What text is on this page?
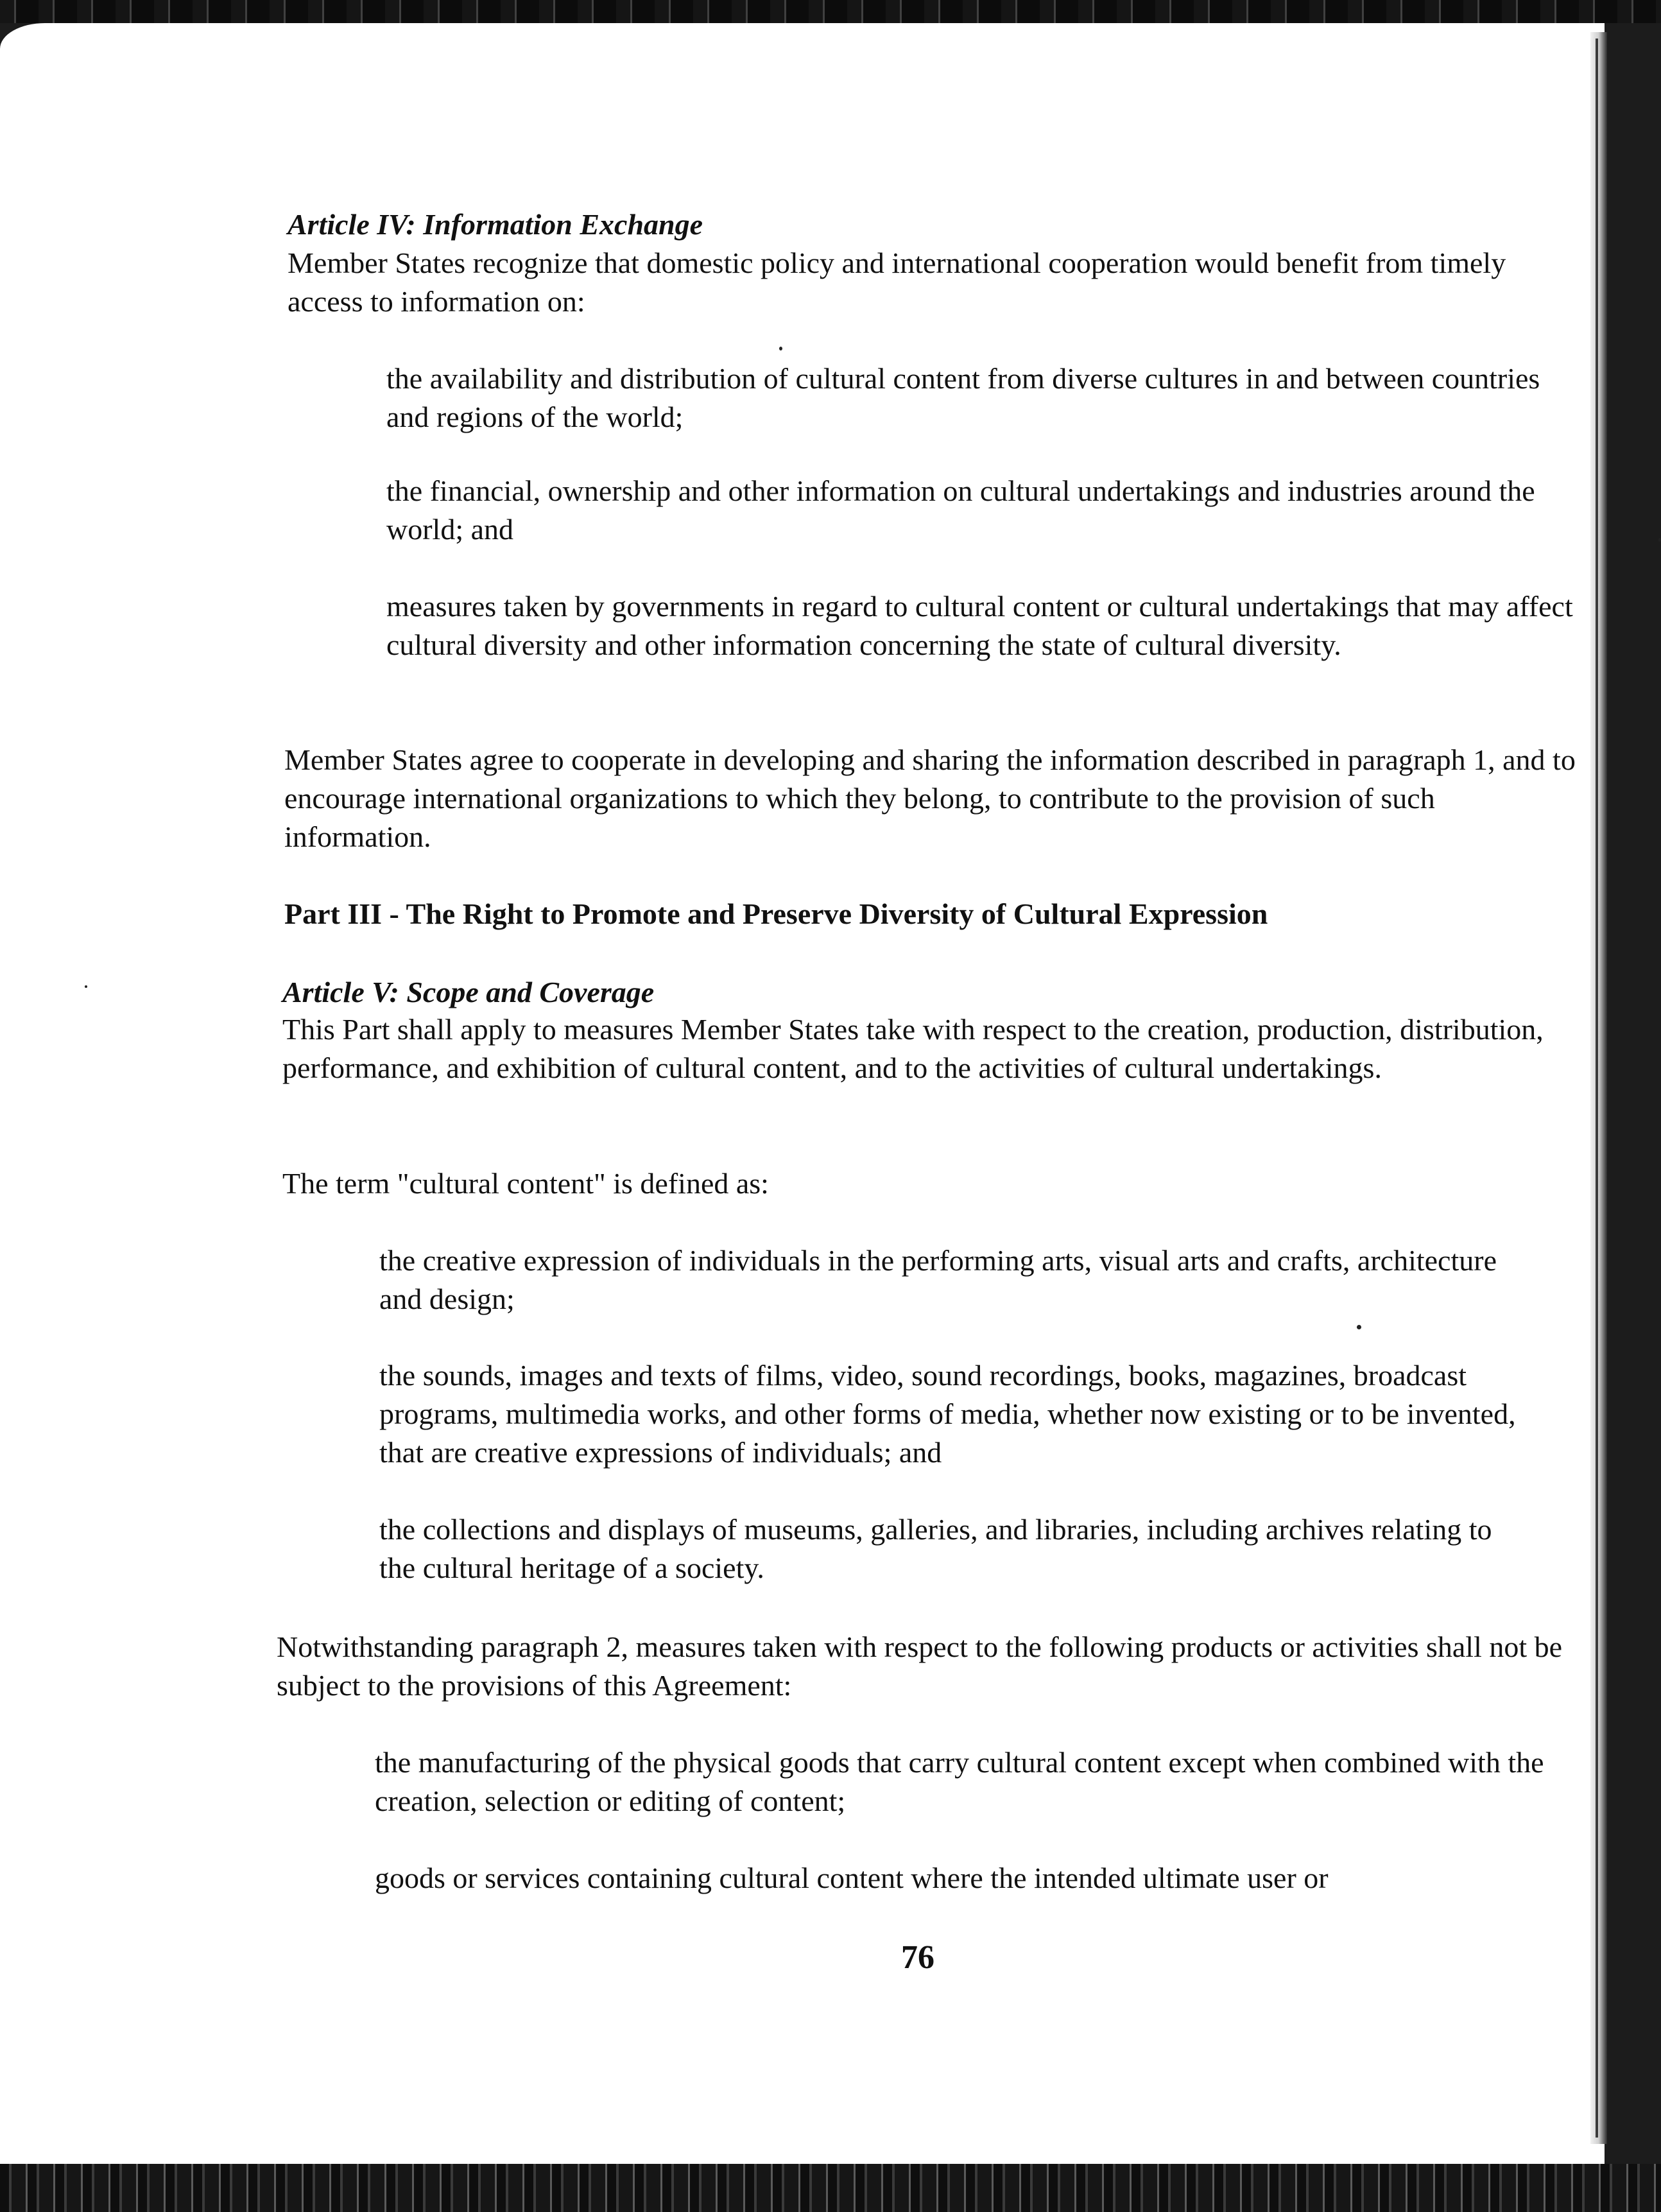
Article IV: Information Exchange

Member States recognize that domestic policy and international cooperation would benefit from timely access to information on:

the availability and distribution of cultural content from diverse cultures in and between countries and regions of the world;

the financial, ownership and other information on cultural undertakings and industries around the world; and

measures taken by governments in regard to cultural content or cultural undertakings that may affect cultural diversity and other information concerning the state of cultural diversity.

Member States agree to cooperate in developing and sharing the information described in paragraph 1, and to encourage international organizations to which they belong, to contribute to the provision of such information.

Part III - The Right to Promote and Preserve Diversity of Cultural Expression

Article V: Scope and Coverage

This Part shall apply to measures Member States take with respect to the creation, production, distribution, performance, and exhibition of cultural content, and to the activities of cultural undertakings.

The term "cultural content" is defined as:

the creative expression of individuals in the performing arts, visual arts and crafts, architecture and design;

the sounds, images and texts of films, video, sound recordings, books, magazines, broadcast programs, multimedia works, and other forms of media, whether now existing or to be invented, that are creative expressions of individuals; and

the collections and displays of museums, galleries, and libraries, including archives relating to the cultural heritage of a society.

Notwithstanding paragraph 2, measures taken with respect to the following products or activities shall not be subject to the provisions of this Agreement:

the manufacturing of the physical goods that carry cultural content except when combined with the creation, selection or editing of content;

goods or services containing cultural content where the intended ultimate user or

76
